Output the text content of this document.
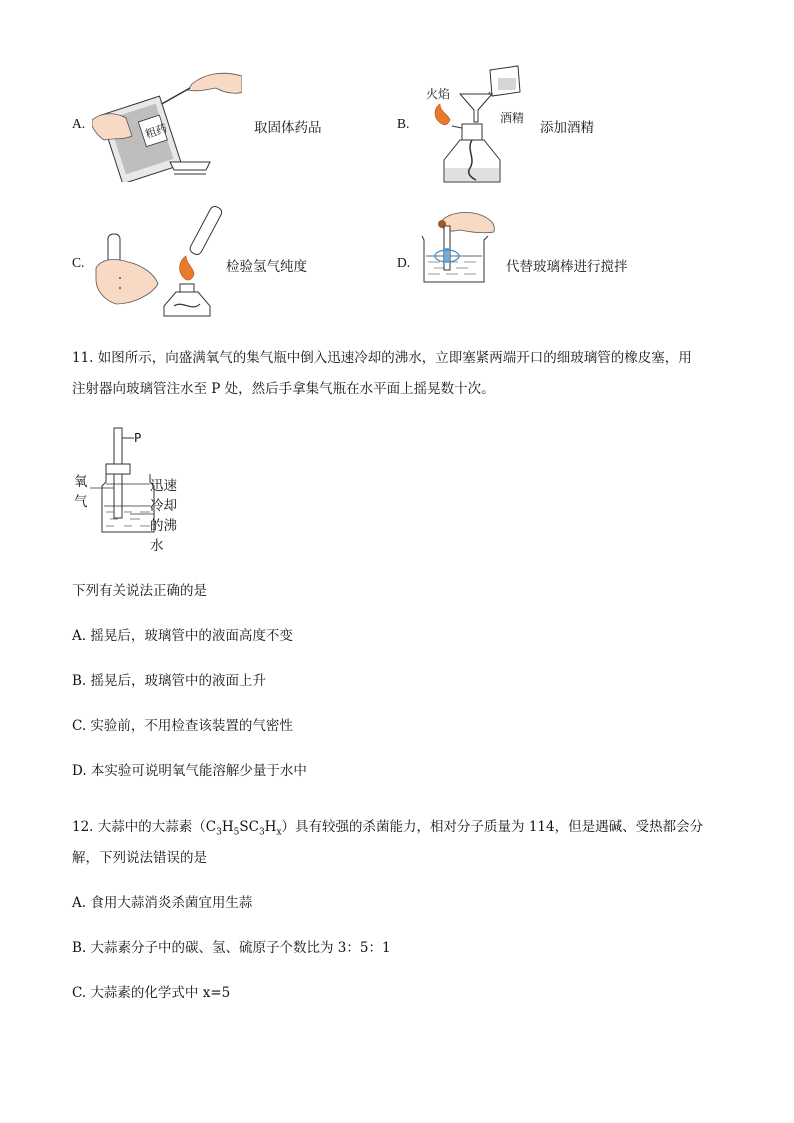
A.	粗药	取固体药品	B.
火焰
酒精
添加酒精
C.	检验氢气纯度	D.	代替玻璃棒进行搅拌
11. 如图所示，向盛满氧气的集气瓶中倒入迅速冷却的沸水，立即塞紧两端开口的细玻璃管的橡皮塞，用
注射器向玻璃管注水至 P 处，然后手拿集气瓶在水平面上摇晃数十次。
P
氧
气
迅速
冷却
的沸
水
下列有关说法正确的是
A. 摇晃后，玻璃管中的液面高度不变
B. 摇晃后，玻璃管中的液面上升
C. 实验前，不用检查该装置的气密性
D. 本实验可说明氧气能溶解少量于水中
12. 大蒜中的大蒜素$(C_3H_5SC_3H_x)$具有较强的杀菌能力，相对分子质量为 114，但是遇碱、受热都会分
解，下列说法错误的是
A. 食用大蒜消炎杀菌宜用生蒜
B. 大蒜素分子中的碳、氢、硫原子个数比为 3：5：1
C. 大蒜素的化学式中 x=5
